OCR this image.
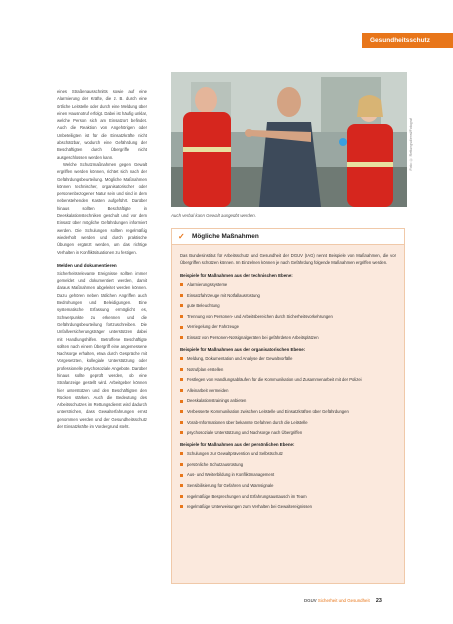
Gesundheitsschutz

eines Straßenausschnitts sowie auf eine Alarmierung der Kräfte, die z. B. durch eine örtliche Leitstelle oder durch eine Meldung über einen Hausnotruf erfolgt. Dabei ist häufig unklar, welche Person sich am Einsatzort befindet. Auch die Reaktion von Angehörigen oder Unbeteiligten ist für die Einsatzkräfte nicht abschätzbar, wodurch eine Gefährdung der Beschäftigten durch Übergriffe nicht ausgeschlossen werden kann.

Welche Schutzmaßnahmen gegen Gewalt ergriffen werden können, richtet sich nach der Gefährdungsbeurteilung. Mögliche Maßnahmen können technischer, organisatorischer oder personenbezogener Natur sein und sind in dem nebenstehenden Kasten aufgeführt. Darüber hinaus sollten Beschäftigte in Deeskalationstechniken geschult und vor dem Einsatz über mögliche Gefährdungen informiert werden. Die Schulungen sollten regelmäßig wiederholt werden und durch praktische Übungen ergänzt werden, um das richtige Verhalten in Konfliktsituationen zu festigen.

Melden und dokumentieren

Sicherheitsrelevante Ereignisse sollten immer gemeldet und dokumentiert werden, damit daraus Maßnahmen abgeleitet werden können. Dazu gehören neben tätlichen Angriffen auch Bedrohungen und Beleidigungen. Eine systematische Erfassung ermöglicht es, Schwerpunkte zu erkennen und die Gefährdungsbeurteilung fortzuschreiben. Die Unfallversicherungsträger unterstützen dabei mit Handlungshilfen. Betroffene Beschäftigte sollten nach einem Übergriff eine angemessene Nachsorge erhalten, etwa durch Gespräche mit Vorgesetzten, kollegiale Unterstützung oder professionelle psychosoziale Angebote. Darüber hinaus sollte geprüft werden, ob eine Strafanzeige gestellt wird. Arbeitgeber können hier unterstützen und den Beschäftigten den Rücken stärken. Auch die Bedeutung des Arbeitsschutzes im Rettungsdienst wird dadurch unterstrichen, dass Gewalterfahrungen ernst genommen werden und der Gesundheitsschutz der Einsatzkräfte im Vordergrund steht.

Foto: © Rettungsdienst/Fotograf
Auch verbal kann Gewalt ausgeübt werden.
✓ Mögliche Maßnahmen

Das Bundesinstitut für Arbeitsschutz und Gesundheit der DGUV (IAG) nennt Beispiele von Maßnahmen, die vor Übergriffen schützen können. Im Einzelnen können je nach Gefährdung folgende Maßnahmen ergriffen werden.

Beispiele für Maßnahmen aus der technischen Ebene:
Alarmierungssysteme
Einsatzfahrzeuge mit Notfallausrüstung
gute Beleuchtung
Trennung von Personen- und Arbeitsbereichen durch Sicherheitsvorkehrungen
Verriegelung der Fahrzeuge
Einsatz von Personen-Notsignalgeräten bei gefährdeten Arbeitsplätzen
Beispiele für Maßnahmen aus der organisatorischen Ebene:
Meldung, Dokumentation und Analyse der Gewaltvorfälle
Notrufplan erstellen
Festlegen von Handlungsabläufen für die Kommunikation und Zusammenarbeit mit der Polizei
Alleinarbeit vermeiden
Deeskalationstrainings anbieten
Verbesserte Kommunikation zwischen Leitstelle und Einsatzkräften über Gefährdungen
Vorab-Informationen über bekannte Gefahren durch die Leitstelle
psychosoziale Unterstützung und Nachsorge nach Übergriffen
Beispiele für Maßnahmen aus der persönlichen Ebene:
Schulungen zur Gewaltprävention und Selbstschutz
persönliche Schutzausrüstung
Aus- und Weiterbildung in Konfliktmanagement
Sensibilisierung für Gefahren und Warnsignale
regelmäßige Besprechungen und Erfahrungsaustausch im Team
regelmäßige Unterweisungen zum Verhalten bei Gewaltereignissen
DGUV Sicherheit und Gesundheit 23
